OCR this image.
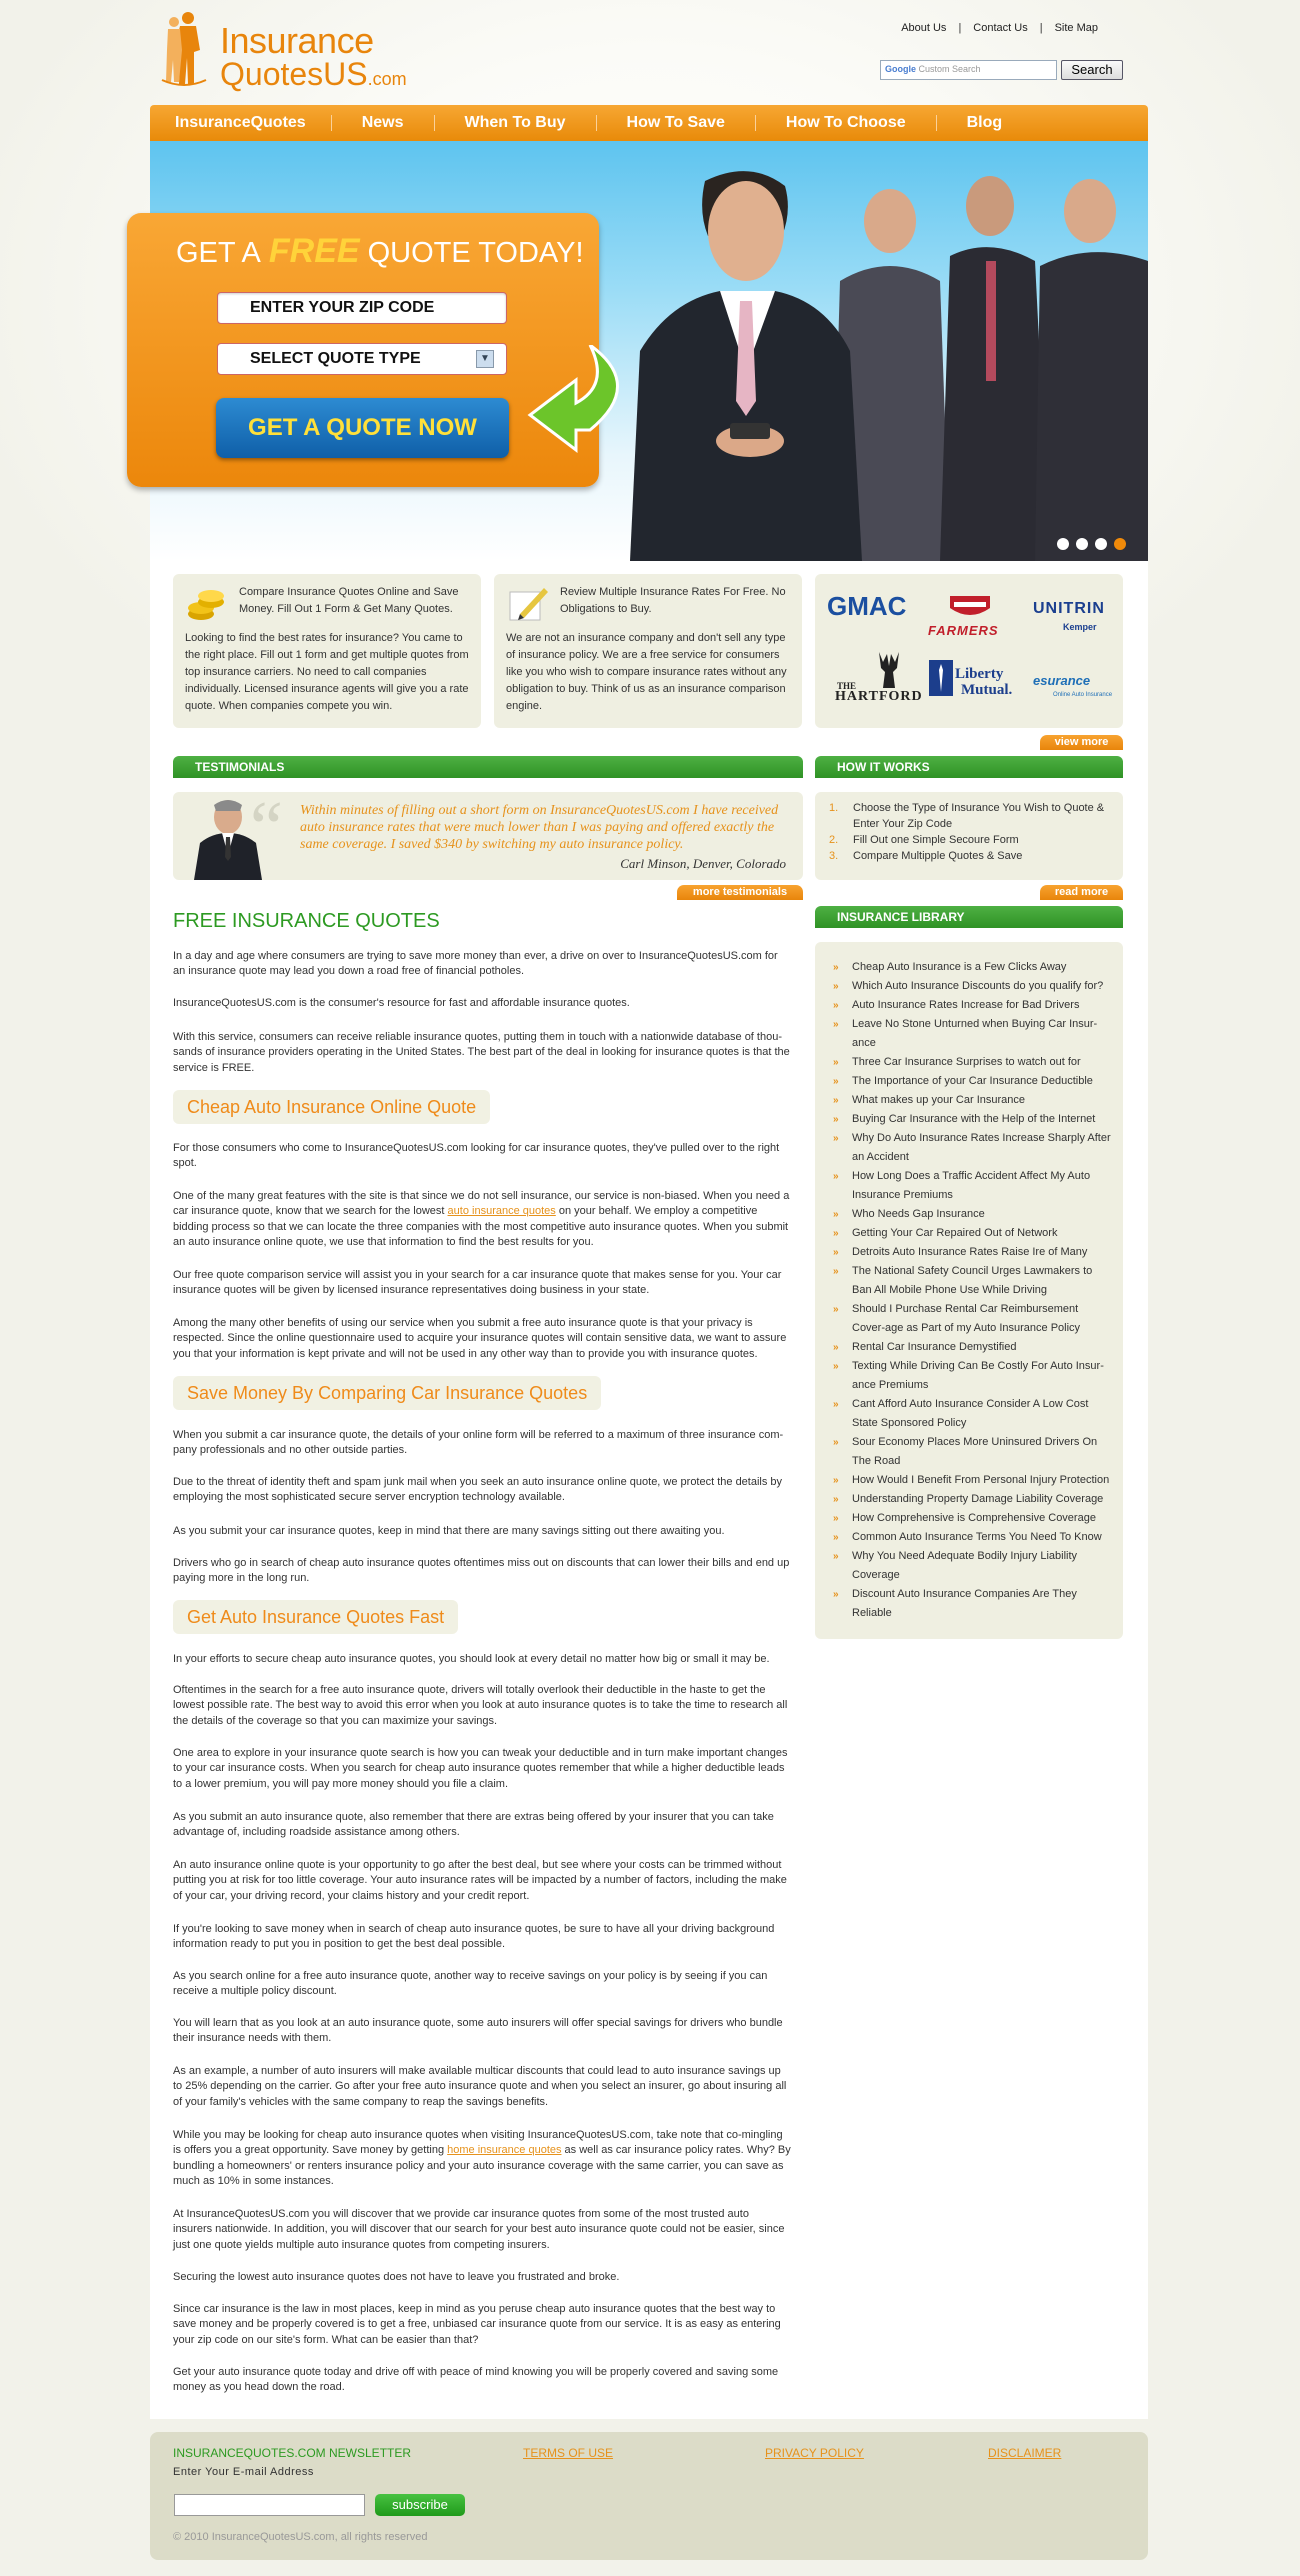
Insurance
QuotesUS.com
About Us | Contact Us | Site Map
Google Custom Search	Search
InsuranceQuotes	News	When To Buy	How To Save	How To Choose	Blog
GET A FREE QUOTE TODAY!
ENTER YOUR ZIP CODE
SELECT QUOTE TYPE	▼
GET A QUOTE NOW
Compare Insurance Quotes Online and Save Money. Fill Out 1 Form & Get Many Quotes.
Looking to find the best rates for insurance? You came to the right place. Fill out 1 form and get multiple quotes from top insurance carriers. No need to call companies individually. Licensed insurance agents will give you a rate quote. When companies compete you win.
Review Multiple Insurance Rates For Free. No Obligations to Buy.
We are not an insurance company and don't sell any type of insurance policy. We are a free service for consumers like you who wish to compare insurance rates without any obligation to buy. Think of us as an insurance comparison engine.
GMAC
FARMERS
UNITRIN
Kemper
THE
HARTFORD
Liberty
Mutual.
esurance
Online Auto Insurance
view more
TESTIMONIALS
“ Within minutes of filling out a short form on InsuranceQuotesUS.com I have received auto insurance rates that were much lower than I was paying and offered exactly the same coverage. I saved $340 by switching my auto insurance policy.
Carl Minson, Denver, Colorado
more testimonials
HOW IT WORKS
1.	Choose the Type of Insurance You Wish to Quote & Enter Your Zip Code
2.	Fill Out one Simple Secoure Form
3.	Compare Multipple Quotes & Save
read more
INSURANCE LIBRARY
»	Cheap Auto Insurance is a Few Clicks Away
»	Which Auto Insurance Discounts do you qualify for?
»	Auto Insurance Rates Increase for Bad Drivers
»	Leave No Stone Unturned when Buying Car Insur-ance
»	Three Car Insurance Surprises to watch out for
»	The Importance of your Car Insurance Deductible
»	What makes up your Car Insurance
»	Buying Car Insurance with the Help of the Internet
»	Why Do Auto Insurance Rates Increase Sharply After an Accident
»	How Long Does a Traffic Accident Affect My Auto Insurance Premiums
»	Who Needs Gap Insurance
»	Getting Your Car Repaired Out of Network
»	Detroits Auto Insurance Rates Raise Ire of Many
»	The National Safety Council Urges Lawmakers to Ban All Mobile Phone Use While Driving
»	Should I Purchase Rental Car Reimbursement Cover-age as Part of my Auto Insurance Policy
»	Rental Car Insurance Demystified
»	Texting While Driving Can Be Costly For Auto Insur-ance Premiums
»	Cant Afford Auto Insurance Consider A Low Cost State Sponsored Policy
»	Sour Economy Places More Uninsured Drivers On The Road
»	How Would I Benefit From Personal Injury Protection
»	Understanding Property Damage Liability Coverage
»	How Comprehensive is Comprehensive Coverage
»	Common Auto Insurance Terms You Need To Know
»	Why You Need Adequate Bodily Injury Liability Coverage
»	Discount Auto Insurance Companies Are They Reliable
FREE INSURANCE QUOTES
In a day and age where consumers are trying to save more money than ever, a drive on over to InsuranceQuotesUS.com for an insurance quote may lead you down a road free of financial potholes.
InsuranceQuotesUS.com is the consumer's resource for fast and affordable insurance quotes.
With this service, consumers can receive reliable insurance quotes, putting them in touch with a nationwide database of thou-sands of insurance providers operating in the United States. The best part of the deal in looking for insurance quotes is that the service is FREE.
Cheap Auto Insurance Online Quote
For those consumers who come to InsuranceQuotesUS.com looking for car insurance quotes, they've pulled over to the right spot.
One of the many great features with the site is that since we do not sell insurance, our service is non-biased. When you need a car insurance quote, know that we search for the lowest auto insurance quotes on your behalf. We employ a competitive bidding process so that we can locate the three companies with the most competitive auto insurance quotes. When you submit an auto insurance online quote, we use that information to find the best results for you.
Our free quote comparison service will assist you in your search for a car insurance quote that makes sense for you. Your car insurance quotes will be given by licensed insurance representatives doing business in your state.
Among the many other benefits of using our service when you submit a free auto insurance quote is that your privacy is respected. Since the online questionnaire used to acquire your insurance quotes will contain sensitive data, we want to assure you that your information is kept private and will not be used in any other way than to provide you with insurance quotes.
Save Money By Comparing Car Insurance Quotes
When you submit a car insurance quote, the details of your online form will be referred to a maximum of three insurance com-pany professionals and no other outside parties.
Due to the threat of identity theft and spam junk mail when you seek an auto insurance online quote, we protect the details by employing the most sophisticated secure server encryption technology available.
As you submit your car insurance quotes, keep in mind that there are many savings sitting out there awaiting you.
Drivers who go in search of cheap auto insurance quotes oftentimes miss out on discounts that can lower their bills and end up paying more in the long run.
Get Auto Insurance Quotes Fast
In your efforts to secure cheap auto insurance quotes, you should look at every detail no matter how big or small it may be.
Oftentimes in the search for a free auto insurance quote, drivers will totally overlook their deductible in the haste to get the lowest possible rate. The best way to avoid this error when you look at auto insurance quotes is to take the time to research all the details of the coverage so that you can maximize your savings.
One area to explore in your insurance quote search is how you can tweak your deductible and in turn make important changes to your car insurance costs. When you search for cheap auto insurance quotes remember that while a higher deductible leads to a lower premium, you will pay more money should you file a claim.
As you submit an auto insurance quote, also remember that there are extras being offered by your insurer that you can take advantage of, including roadside assistance among others.
An auto insurance online quote is your opportunity to go after the best deal, but see where your costs can be trimmed without putting you at risk for too little coverage. Your auto insurance rates will be impacted by a number of factors, including the make of your car, your driving record, your claims history and your credit report.
If you're looking to save money when in search of cheap auto insurance quotes, be sure to have all your driving background information ready to put you in position to get the best deal possible.
As you search online for a free auto insurance quote, another way to receive savings on your policy is by seeing if you can receive a multiple policy discount.
You will learn that as you look at an auto insurance quote, some auto insurers will offer special savings for drivers who bundle their insurance needs with them.
As an example, a number of auto insurers will make available multicar discounts that could lead to auto insurance savings up to 25% depending on the carrier. Go after your free auto insurance quote and when you select an insurer, go about insuring all of your family's vehicles with the same company to reap the savings benefits.
While you may be looking for cheap auto insurance quotes when visiting InsuranceQuotesUS.com, take note that co-mingling is offers you a great opportunity. Save money by getting home insurance quotes as well as car insurance policy rates. Why? By bundling a homeowners' or renters insurance policy and your auto insurance coverage with the same carrier, you can save as much as 10% in some instances.
At InsuranceQuotesUS.com you will discover that we provide car insurance quotes from some of the most trusted auto insurers nationwide. In addition, you will discover that our search for your best auto insurance quote could not be easier, since just one quote yields multiple auto insurance quotes from competing insurers.
Securing the lowest auto insurance quotes does not have to leave you frustrated and broke.
Since car insurance is the law in most places, keep in mind as you peruse cheap auto insurance quotes that the best way to save money and be properly covered is to get a free, unbiased car insurance quote from our service. It is as easy as entering your zip code on our site's form. What can be easier than that?
Get your auto insurance quote today and drive off with peace of mind knowing you will be properly covered and saving some money as you head down the road.
INSURANCEQUOTES.COM NEWSLETTER	TERMS OF USE	PRIVACY POLICY	DISCLAIMER
Enter Your E-mail Address
subscribe
© 2010 InsuranceQuotesUS.com, all rights reserved
